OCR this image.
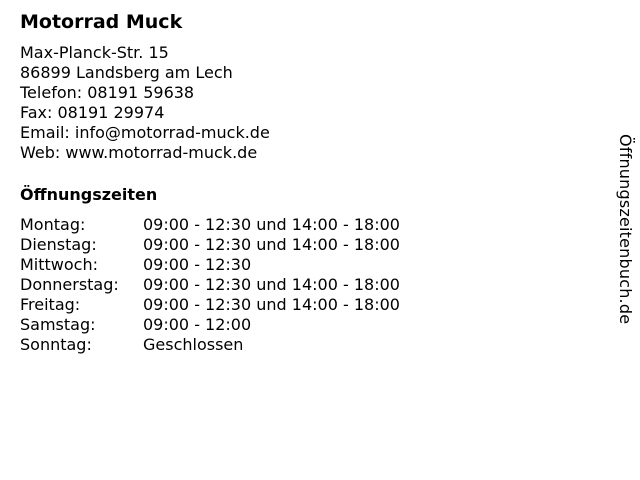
Motorrad Muck
Max-Planck-Str. 15
86899 Landsberg am Lech
Telefon: 08191 59638
Fax: 08191 29974
Email: info@motorrad-muck.de
Web: www.motorrad-muck.de
Öffnungszeiten
Montag:	09:00 - 12:30 und 14:00 - 18:00
Dienstag:	09:00 - 12:30 und 14:00 - 18:00
Mittwoch:	09:00 - 12:30
Donnerstag: 09:00 - 12:30 und 14:00 - 18:00
Freitag:	09:00 - 12:30 und 14:00 - 18:00
Samstag:	09:00 - 12:00
Sonntag:	Geschlossen
Öffnungszeitenbuch.de
